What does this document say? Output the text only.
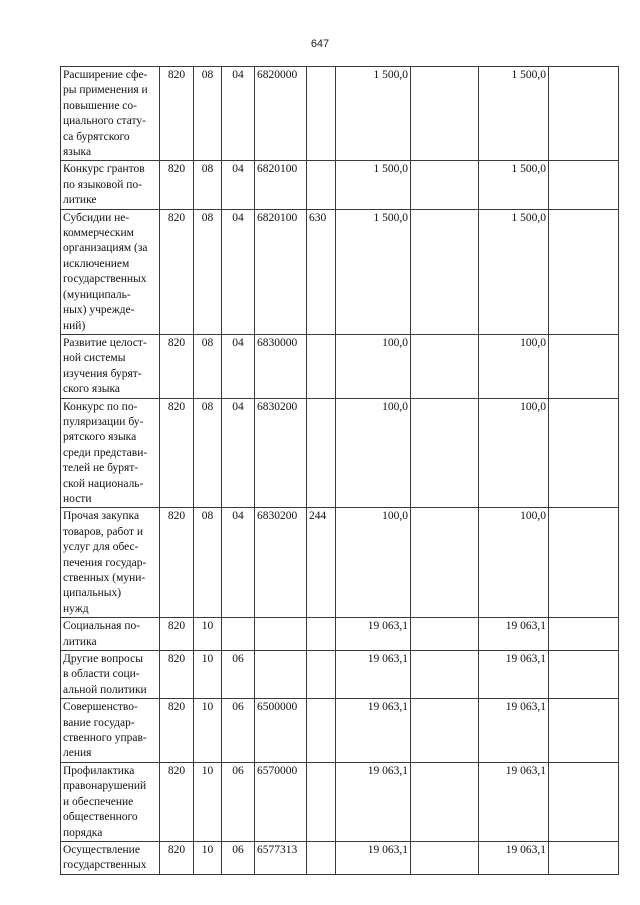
647
Расширение сфе-
ры применения и
повышение со-
циального стату-
са бурятского
языка
	820	08	04	6820000		1 500,0		1 500,0	

Конкурс грантов
по языковой по-
литике	820	08	04	6820100		1 500,0		1 500,0	

Субсидии не-
коммерческим
организациям (за
исключением
государственных
(муниципаль-
ных) учрежде-
ний)
	820	08	04	6820100	630	1 500,0		1 500,0	

Развитие целост-
ной системы
изучения бурят-
ского языка	820	08	04	6830000		100,0		100,0	

Конкурс по по-
пуляризации бу-
рятского языка
среди представи-
телей не бурят-
ской националь-
ности
	820	08	04	6830200		100,0		100,0	

Прочая закупка
товаров, работ и
услуг для обес-
печения государ-
ственных (муни-
ципальных)
нужд
	820	08	04	6830200	244	100,0		100,0	

Социальная по-
литика	820	10				19 063,1		19 063,1	

Другие вопросы
в области соци-
альной политики	820	10	06			19 063,1		19 063,1	

Совершенство-
вание государ-
ственного управ-
ления	820	10	06	6500000		19 063,1		19 063,1	

Профилактика
правонарушений
и обеспечение
общественного
порядка	820	10	06	6570000		19 063,1		19 063,1	

Осуществление
государственных	820	10	06	6577313		19 063,1		19 063,1	
